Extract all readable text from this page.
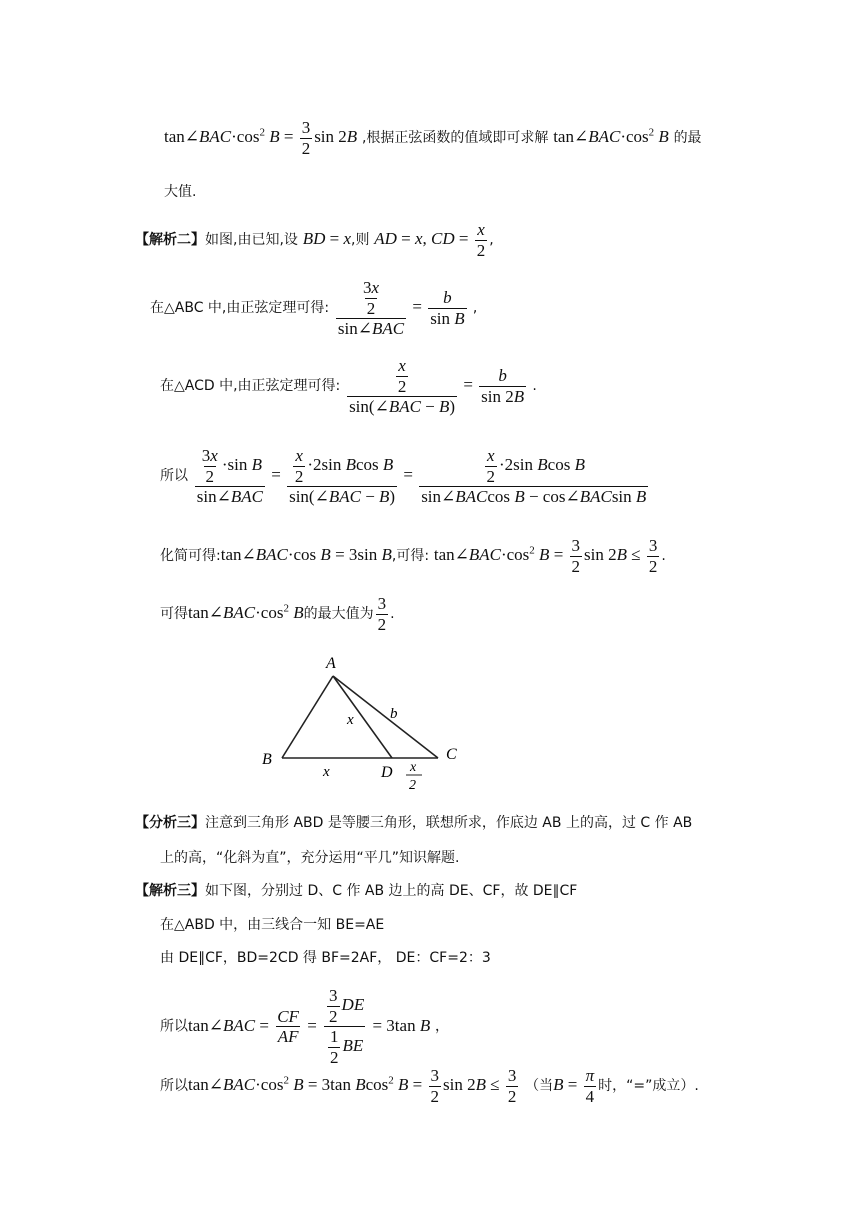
$\tan\angle BAC\cdot\cos^2$ $B = \frac{3}{2}$ sin 2B ,根据正弦函数的值域即可求解 $\tan\angle BAC\cdot\cos^2$ B 的最
大值.
【解析二】如图,由已知,设 BD = x,则 AD = x, CD = $\frac{x}{2}$ ,
在△ABC 中,由正弦定理可得: $\frac{\frac{3x}{2}}{\text{sin∠BAC}} = \frac{b}{\text{sin B}}$ ,
在△ACD 中,由正弦定理可得: $\frac{\frac{x}{2}}{\text{sin(∠BAC − B)}} = \frac{b}{\sin 2B}$ .
所以 $\frac{\frac{3x}{2} \cdot\sin B}{\text{sin∠BAC}} = \frac{\frac{x}{2} \cdot 2\sin Bcos B}{\text{sin(∠BAC − B)}} = \frac{\frac{x}{2} \cdot 2\sin Bcos B}{\text{sin∠BACcos B − cos∠BACsin B}}$
化简可得:tan∠BAC·cos B = 3sin B,可得: $\tan\angle BAC\cdot\cos^2$ $B = \frac{3}{2}$ $\sin 2B \le \frac{3}{2}$ .
可得$\tan\angle BAC\cdot\cos^2$ B的最大值为 $\frac{3}{2}$ .
A
B	C
D
x
x b
x
2
【分析三】注意到三角形 ABD 是等腰三角形，联想所求，作底边 AB 上的高，过 C 作 AB
上的高，“化斜为直”，充分运用“平几”知识解题.
【解析三】如下图，分别过 D、C 作 AB 边上的高 DE、CF，故 DE∥CF
在△ABD 中，由三线合一知 BE=AE
由 DE∥CF，BD=2CD 得 BF=2AF， DE：CF=2：3
所以tan∠BAC = $\frac{CF}{AF} = \frac{\frac{3}{2} DE}{\frac{1}{2} BE} = 3\tan$ B ，
所以$\tan\angle BAC\cdot\cos^2$ B = 3tan Bcos$^2$ $B = \frac{3}{2}$ $\sin 2B \le \frac{3}{2}$ （当$B = \frac{\pi}{4}$ 时，“=”成立）.
